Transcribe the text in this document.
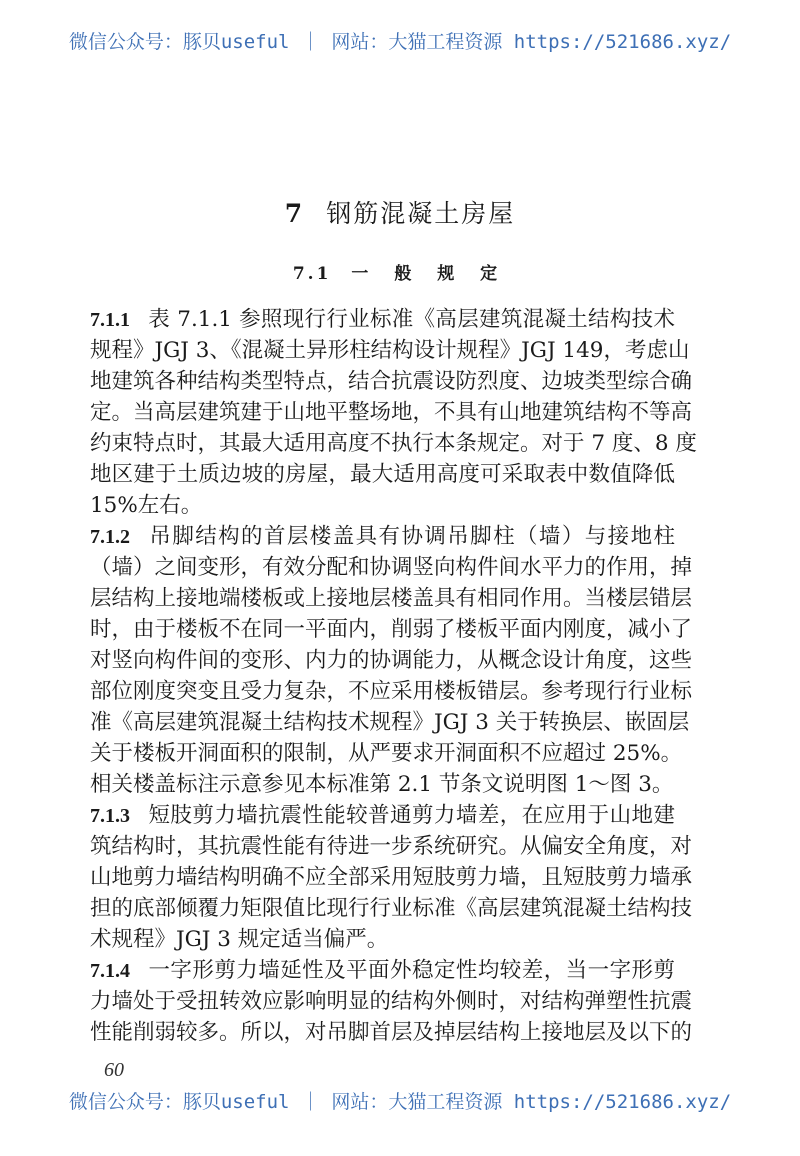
微信公众号：豚贝useful ｜ 网站：大猫工程资源 https://521686.xyz/
7 钢筋混凝土房屋
7.1 一 般 规 定
7.1.1 表 7.1.1 参照现行行业标准《高层建筑混凝土结构技术
规程》JGJ 3、《混凝土异形柱结构设计规程》JGJ 149，考虑山
地建筑各种结构类型特点，结合抗震设防烈度、边坡类型综合确
定。当高层建筑建于山地平整场地，不具有山地建筑结构不等高
约束特点时，其最大适用高度不执行本条规定。对于 7 度、8 度
地区建于土质边坡的房屋，最大适用高度可采取表中数值降低
15%左右。
7.1.2 吊脚结构的首层楼盖具有协调吊脚柱（墙）与接地柱
（墙）之间变形，有效分配和协调竖向构件间水平力的作用，掉
层结构上接地端楼板或上接地层楼盖具有相同作用。当楼层错层
时，由于楼板不在同一平面内，削弱了楼板平面内刚度，减小了
对竖向构件间的变形、内力的协调能力，从概念设计角度，这些
部位刚度突变且受力复杂，不应采用楼板错层。参考现行行业标
准《高层建筑混凝土结构技术规程》JGJ 3 关于转换层、嵌固层
关于楼板开洞面积的限制，从严要求开洞面积不应超过 25%。
相关楼盖标注示意参见本标准第 2.1 节条文说明图 1～图 3。
7.1.3 短肢剪力墙抗震性能较普通剪力墙差，在应用于山地建
筑结构时，其抗震性能有待进一步系统研究。从偏安全角度，对
山地剪力墙结构明确不应全部采用短肢剪力墙，且短肢剪力墙承
担的底部倾覆力矩限值比现行行业标准《高层建筑混凝土结构技
术规程》JGJ 3 规定适当偏严。
7.1.4 一字形剪力墙延性及平面外稳定性均较差，当一字形剪
力墙处于受扭转效应影响明显的结构外侧时，对结构弹塑性抗震
性能削弱较多。所以，对吊脚首层及掉层结构上接地层及以下的
60
微信公众号：豚贝useful ｜ 网站：大猫工程资源 https://521686.xyz/
